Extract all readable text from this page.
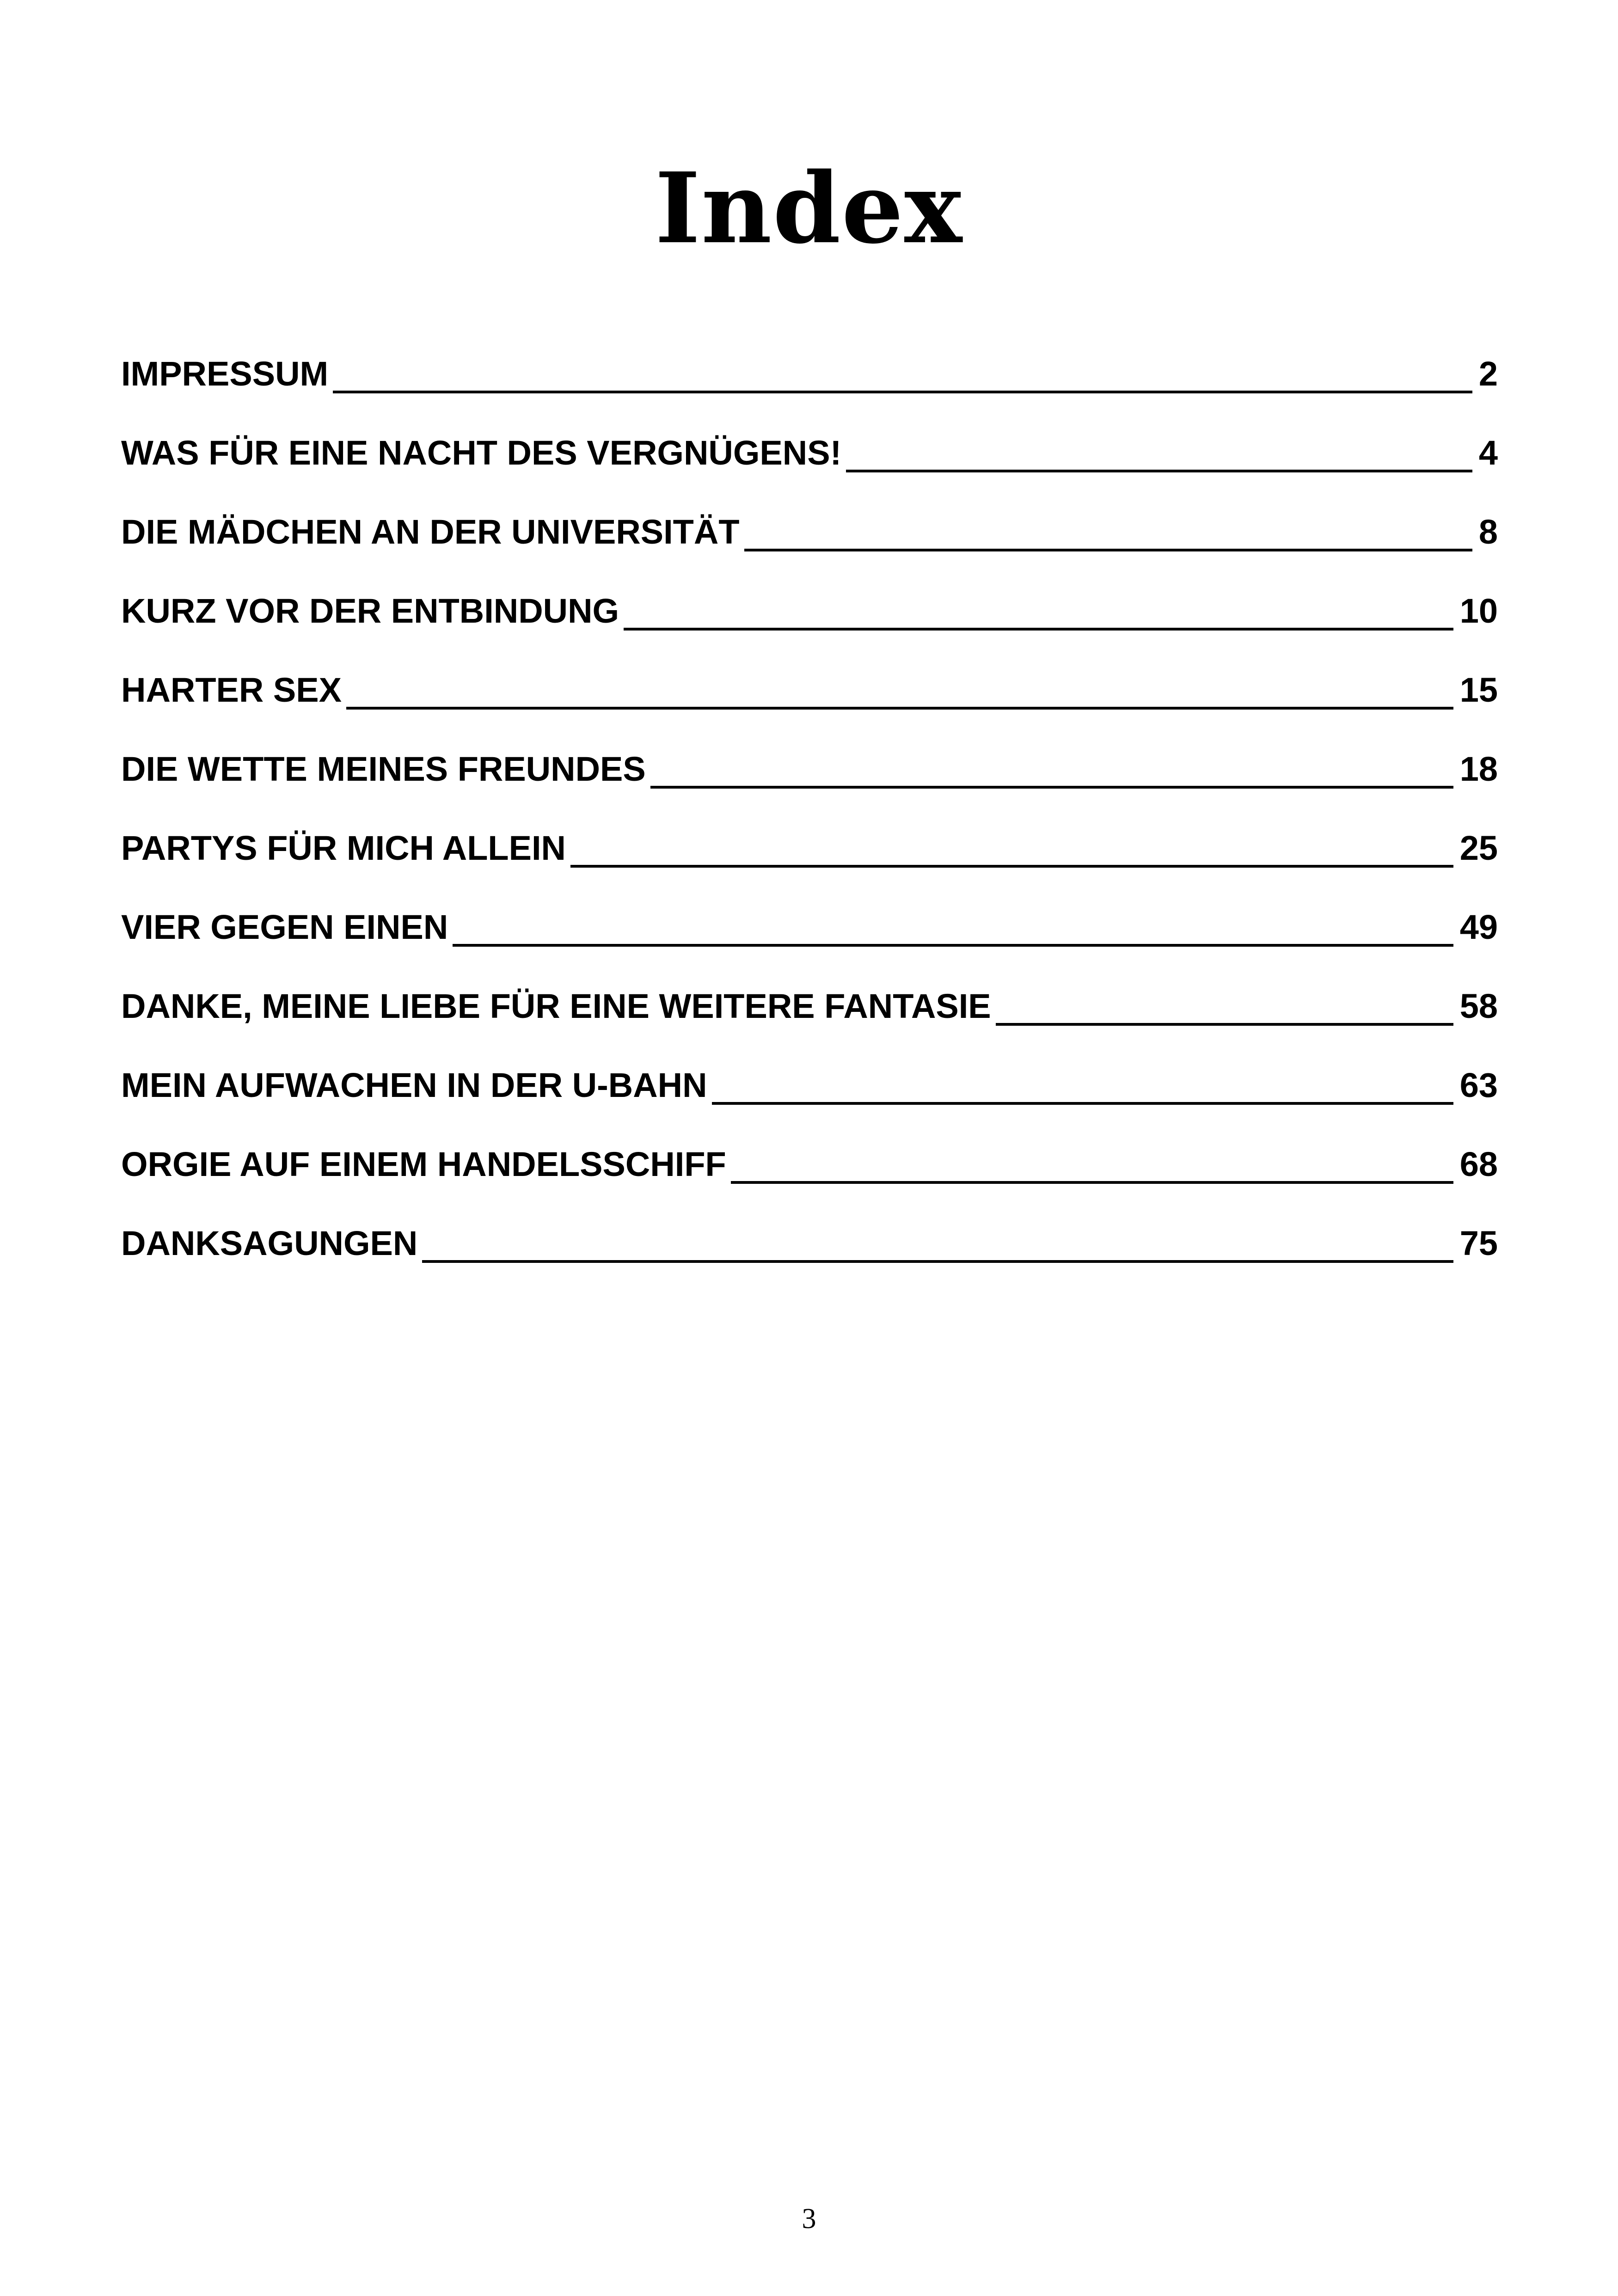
Index
IMPRESSUM	2
WAS FÜR EINE NACHT DES VERGNÜGENS!	4
DIE MÄDCHEN AN DER UNIVERSITÄT	8
KURZ VOR DER ENTBINDUNG	10
HARTER SEX	15
DIE WETTE MEINES FREUNDES	18
PARTYS FÜR MICH ALLEIN	25
VIER GEGEN EINEN	49
DANKE, MEINE LIEBE FÜR EINE WEITERE FANTASIE	58
MEIN AUFWACHEN IN DER U-BAHN	63
ORGIE AUF EINEM HANDELSSCHIFF	68
DANKSAGUNGEN	75
3
